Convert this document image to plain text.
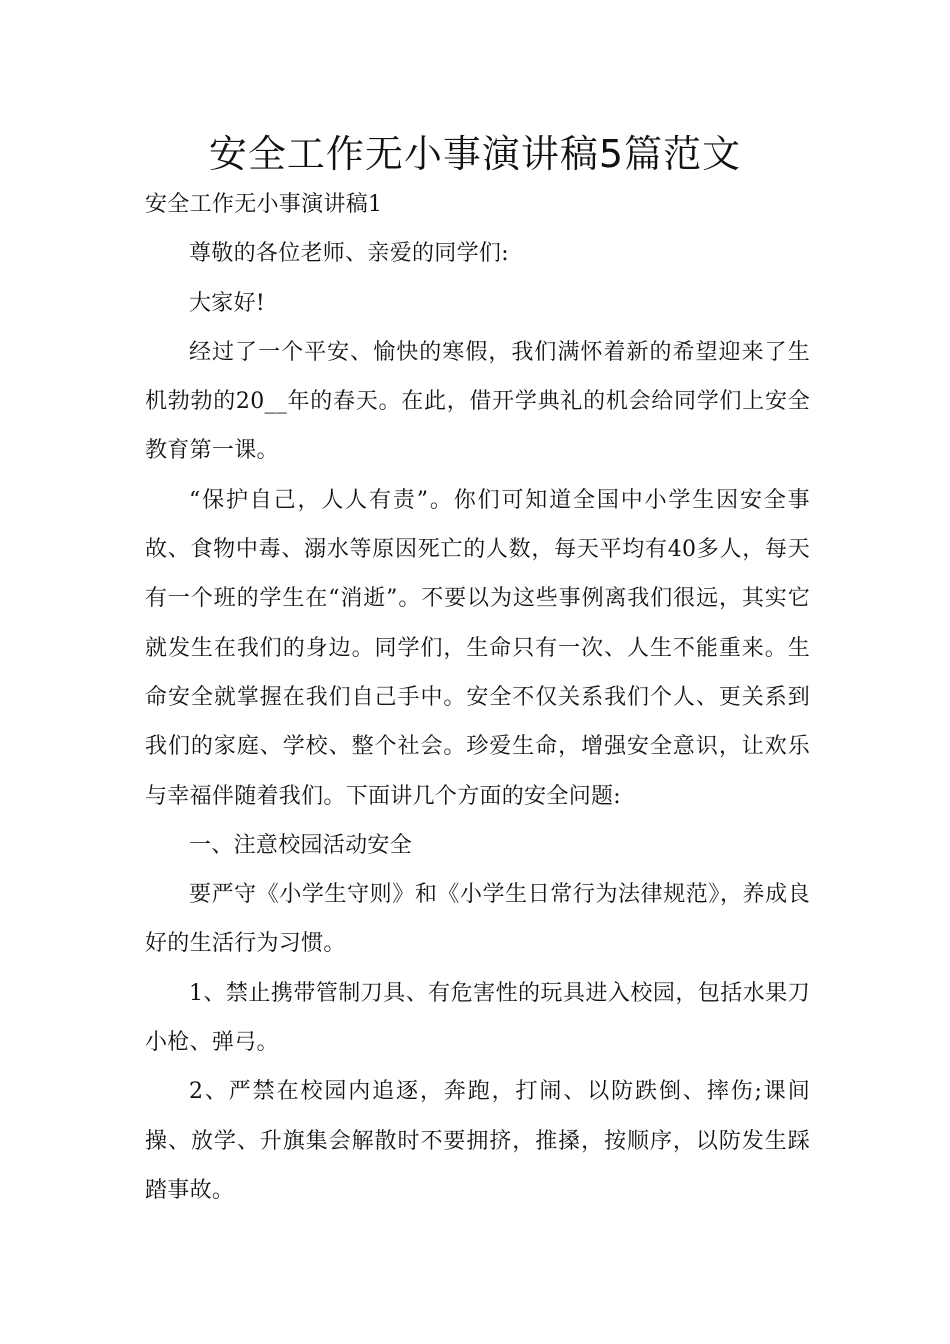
安全工作无小事演讲稿5篇范文

安全工作无小事演讲稿1

尊敬的各位老师、亲爱的同学们:

大家好!

经过了一个平安、愉快的寒假，我们满怀着新的希望迎来了生机勃勃的20__年的春天。在此，借开学典礼的机会给同学们上安全教育第一课。

“保护自己，人人有责”。你们可知道全国中小学生因安全事故、食物中毒、溺水等原因死亡的人数，每天平均有40多人，每天有一个班的学生在“消逝”。不要以为这些事例离我们很远，其实它就发生在我们的身边。同学们，生命只有一次、人生不能重来。生命安全就掌握在我们自己手中。安全不仅关系我们个人、更关系到我们的家庭、学校、整个社会。珍爱生命，增强安全意识，让欢乐与幸福伴随着我们。下面讲几个方面的安全问题:

一、注意校园活动安全

要严守《小学生守则》和《小学生日常行为法律规范》，养成良好的生活行为习惯。

1、禁止携带管制刀具、有危害性的玩具进入校园，包括水果刀小枪、弹弓。

2、严禁在校园内追逐，奔跑，打闹、以防跌倒、摔伤;课间操、放学、升旗集会解散时不要拥挤，推搡，按顺序，以防发生踩踏事故。
